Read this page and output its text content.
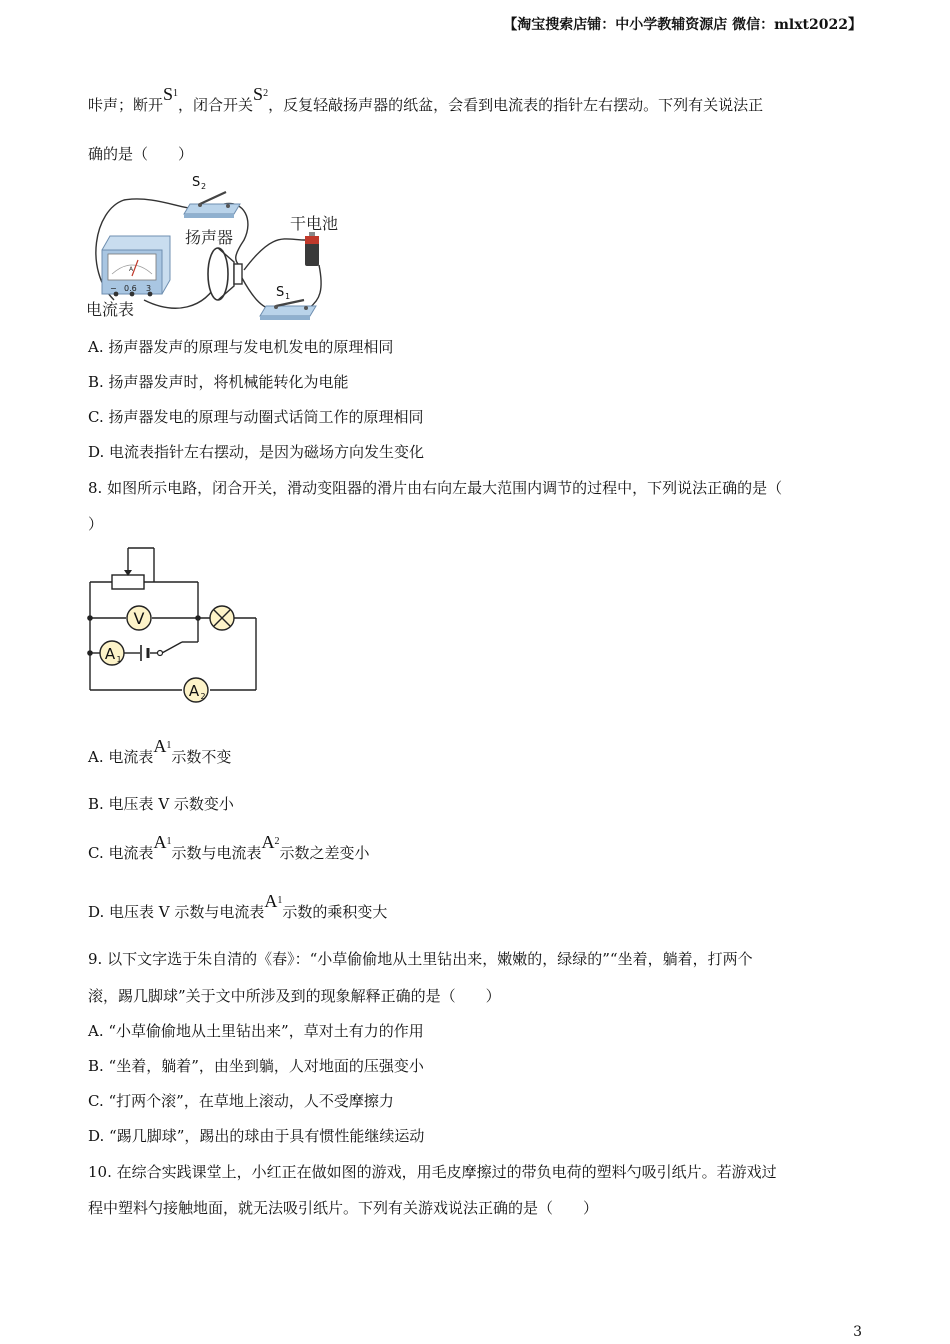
【淘宝搜索店铺：中小学教辅资源店 微信：mlxt2022】
咔声；断开$S^1$，闭合开关$S^2$，反复轻敲扬声器的纸盆，会看到电流表的指针左右摆动。下列有关说法正
确的是（　　）
S 2
扬声器
干电池
S 1
A
− 0.6 3
电流表
A. 扬声器发声的原理与发电机发电的原理相同
B. 扬声器发声时，将机械能转化为电能
C. 扬声器发电的原理与动圈式话筒工作的原理相同
D. 电流表指针左右摆动，是因为磁场方向发生变化
8. 如图所示电路，闭合开关，滑动变阻器的滑片由右向左最大范围内调节的过程中，下列说法正确的是（
）
V
A 1
A 2
A. 电流表$A^1$示数不变
B. 电压表 V 示数变小
C. 电流表$A^1$示数与电流表$A^2$示数之差变小
D. 电压表 V 示数与电流表$A^1$示数的乘积变大
9. 以下文字选于朱自清的《春》：“小草偷偷地从土里钻出来，嫩嫩的，绿绿的”“坐着，躺着，打两个
滚，踢几脚球”关于文中所涉及到的现象解释正确的是（　　）
A. “小草偷偷地从土里钻出来”，草对土有力的作用
B. “坐着，躺着”，由坐到躺，人对地面的压强变小
C. “打两个滚”，在草地上滚动，人不受摩擦力
D. “踢几脚球”，踢出的球由于具有惯性能继续运动
10. 在综合实践课堂上，小红正在做如图的游戏，用毛皮摩擦过的带负电荷的塑料勺吸引纸片。若游戏过
程中塑料勺接触地面，就无法吸引纸片。下列有关游戏说法正确的是（　　）
3
